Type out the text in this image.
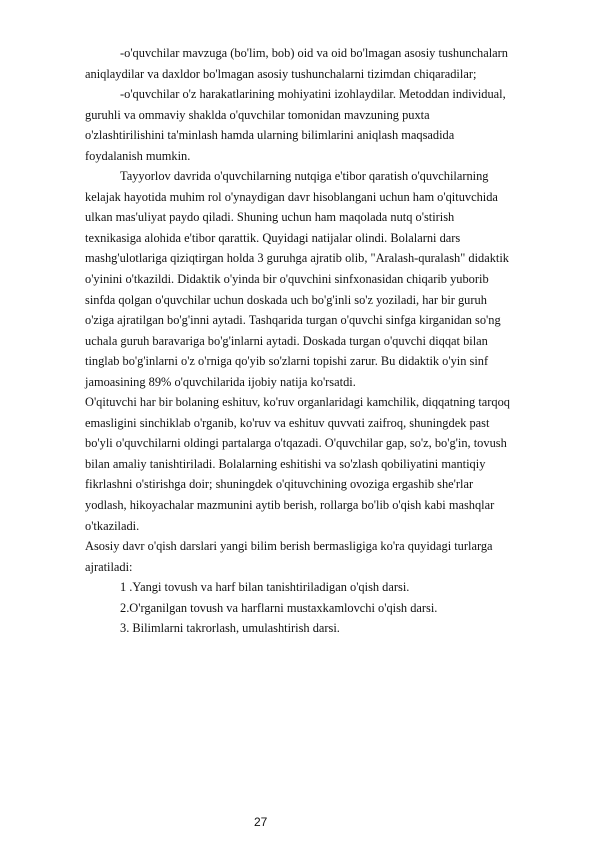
-o'quvchilar mavzuga (bo'lim, bob) oid va oid bo'lmagan asosiy tushunchalarn
aniqlaydilar va daxldor bo'lmagan asosiy tushunchalarni tizimdan chiqaradilar;
-o'quvchilar o'z harakatlarining mohiyatini izohlaydilar. Metoddan individual,
guruhli va ommaviy shaklda o'quvchilar tomonidan mavzuning puxta
o'zlashtirilishini ta'minlash hamda ularning bilimlarini aniqlash maqsadida
foydalanish mumkin.
Tayyorlov davrida o'quvchilarning nutqiga e'tibor qaratish o'quvchilarning
kelajak hayotida muhim rol o'ynaydigan davr hisoblangani uchun ham o'qituvchida
ulkan mas'uliyat paydo qiladi. Shuning uchun ham maqolada nutq o'stirish
texnikasiga alohida e'tibor qarattik. Quyidagi natijalar olindi. Bolalarni dars
mashg'ulotlariga qiziqtirgan holda 3 guruhga ajratib olib, "Aralash-quralash" didaktik
o'yinini o'tkazildi. Didaktik o'yinda bir o'quvchini sinfxonasidan chiqarib yuborib
sinfda qolgan o'quvchilar uchun doskada uch bo'g'inli so'z yoziladi, har bir guruh
o'ziga ajratilgan bo'g'inni aytadi. Tashqarida turgan o'quvchi sinfga kirganidan so'ng
uchala guruh baravariga bo'g'inlarni aytadi. Doskada turgan o'quvchi diqqat bilan
tinglab bo'g'inlarni o'z o'rniga qo'yib so'zlarni topishi zarur. Bu didaktik o'yin sinf
jamoasining 89% o'quvchilarida ijobiy natija ko'rsatdi.
O'qituvchi har bir bolaning eshituv, ko'ruv organlaridagi kamchilik, diqqatning tarqoq
emasligini sinchiklab o'rganib, ko'ruv va eshituv quvvati zaifroq, shuningdek past
bo'yli o'quvchilarni oldingi partalarga o'tqazadi. O'quvchilar gap, so'z, bo'g'in, tovush
bilan amaliy tanishtiriladi. Bolalarning eshitishi va so'zlash qobiliyatini mantiqiy
fikrlashni o'stirishga doir; shuningdek o'qituvchining ovoziga ergashib she'rlar
yodlash, hikoyachalar mazmunini aytib berish, rollarga bo'lib o'qish kabi mashqlar
o'tkaziladi.
Asosiy davr o'qish darslari yangi bilim berish bermasligiga ko'ra quyidagi turlarga
ajratiladi:
1 .Yangi tovush va harf bilan tanishtiriladigan o'qish darsi.
2.O'rganilgan tovush va harflarni mustaxkamlovchi o'qish darsi.
3. Bilimlarni takrorlash, umulashtirish darsi.
27
